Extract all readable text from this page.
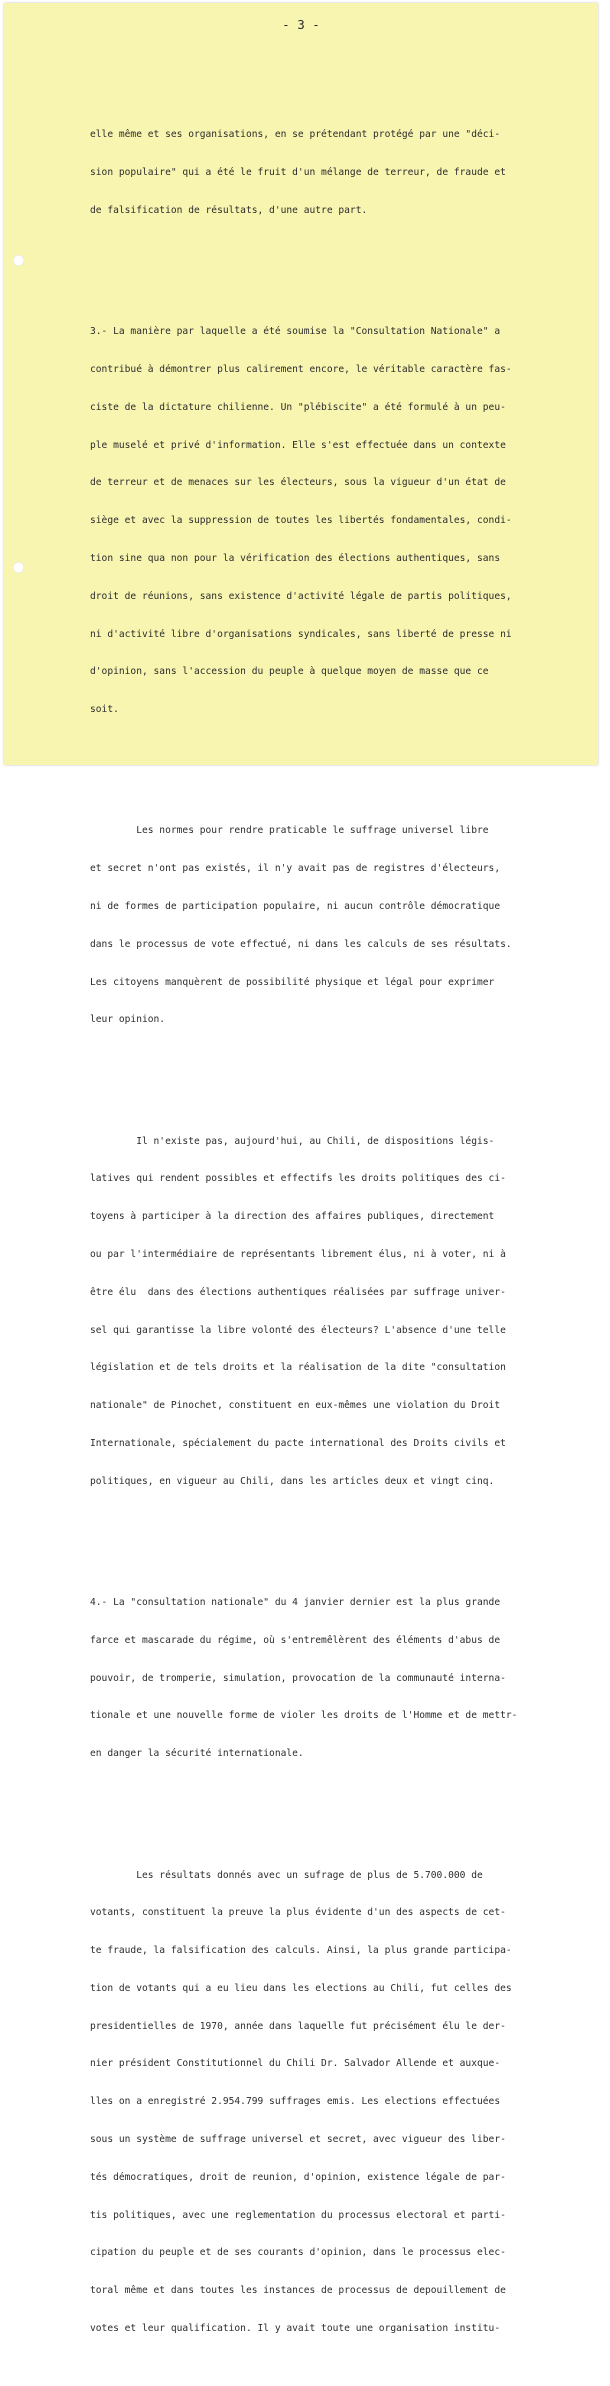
- 3 -

elle même et ses organisations, en se prétendant protégé par une "déci-

sion populaire" qui a été le fruit d'un mélange de terreur, de fraude et

de falsification de résultats, d'une autre part.

3.- La manière par laquelle a été soumise la "Consultation Nationale" a

contribué à démontrer plus calirement encore, le véritable caractère fas-

ciste de la dictature chilienne. Un "plébiscite" a été formulé à un peu-

ple muselé et privé d'information. Elle s'est effectuée dans un contexte

de terreur et de menaces sur les électeurs, sous la vigueur d'un état de

siège et avec la suppression de toutes les libertés fondamentales, condi-

tion sine qua non pour la vérification des élections authentiques, sans

droit de réunions, sans existence d'activité légale de partis politiques,

ni d'activité libre d'organisations syndicales, sans liberté de presse ni

d'opinion, sans l'accession du peuple à quelque moyen de masse que ce

soit.

Les normes pour rendre praticable le suffrage universel libre

et secret n'ont pas existés, il n'y avait pas de registres d'électeurs,

ni de formes de participation populaire, ni aucun contrôle démocratique

dans le processus de vote effectué, ni dans les calculs de ses résultats.

Les citoyens manquèrent de possibilité physique et légal pour exprimer

leur opinion.

Il n'existe pas, aujourd'hui, au Chili, de dispositions légis-

latives qui rendent possibles et effectifs les droits politiques des ci-

toyens à participer à la direction des affaires publiques, directement

ou par l'intermédiaire de représentants librement élus, ni à voter, ni à

être élu  dans des élections authentiques réalisées par suffrage univer-

sel qui garantisse la libre volonté des électeurs? L'absence d'une telle

législation et de tels droits et la réalisation de la dite "consultation

nationale" de Pinochet, constituent en eux-mêmes une violation du Droit

Internationale, spécialement du pacte international des Droits civils et

politiques, en vigueur au Chili, dans les articles deux et vingt cinq.

4.- La "consultation nationale" du 4 janvier dernier est la plus grande

farce et mascarade du régime, où s'entremêlèrent des éléments d'abus de

pouvoir, de tromperie, simulation, provocation de la communauté interna-

tionale et une nouvelle forme de violer les droits de l'Homme et de mettr-

en danger la sécurité internationale.

Les résultats donnés avec un sufrage de plus de 5.700.000 de

votants, constituent la preuve la plus évidente d'un des aspects de cet-

te fraude, la falsification des calculs. Ainsi, la plus grande participa-

tion de votants qui a eu lieu dans les elections au Chili, fut celles des

presidentielles de 1970, année dans laquelle fut précisément élu le der-

nier président Constitutionnel du Chili Dr. Salvador Allende et auxque-

lles on a enregistré 2.954.799 suffrages emis. Les elections effectuées

sous un système de suffrage universel et secret, avec vigueur des liber-

tés démocratiques, droit de reunion, d'opinion, existence légale de par-

tis politiques, avec une reglementation du processus electoral et parti-

cipation du peuple et de ses courants d'opinion, dans le processus elec-

toral même et dans toutes les instances de processus de depouillement de

votes et leur qualification. Il y avait toute une organisation institu-
